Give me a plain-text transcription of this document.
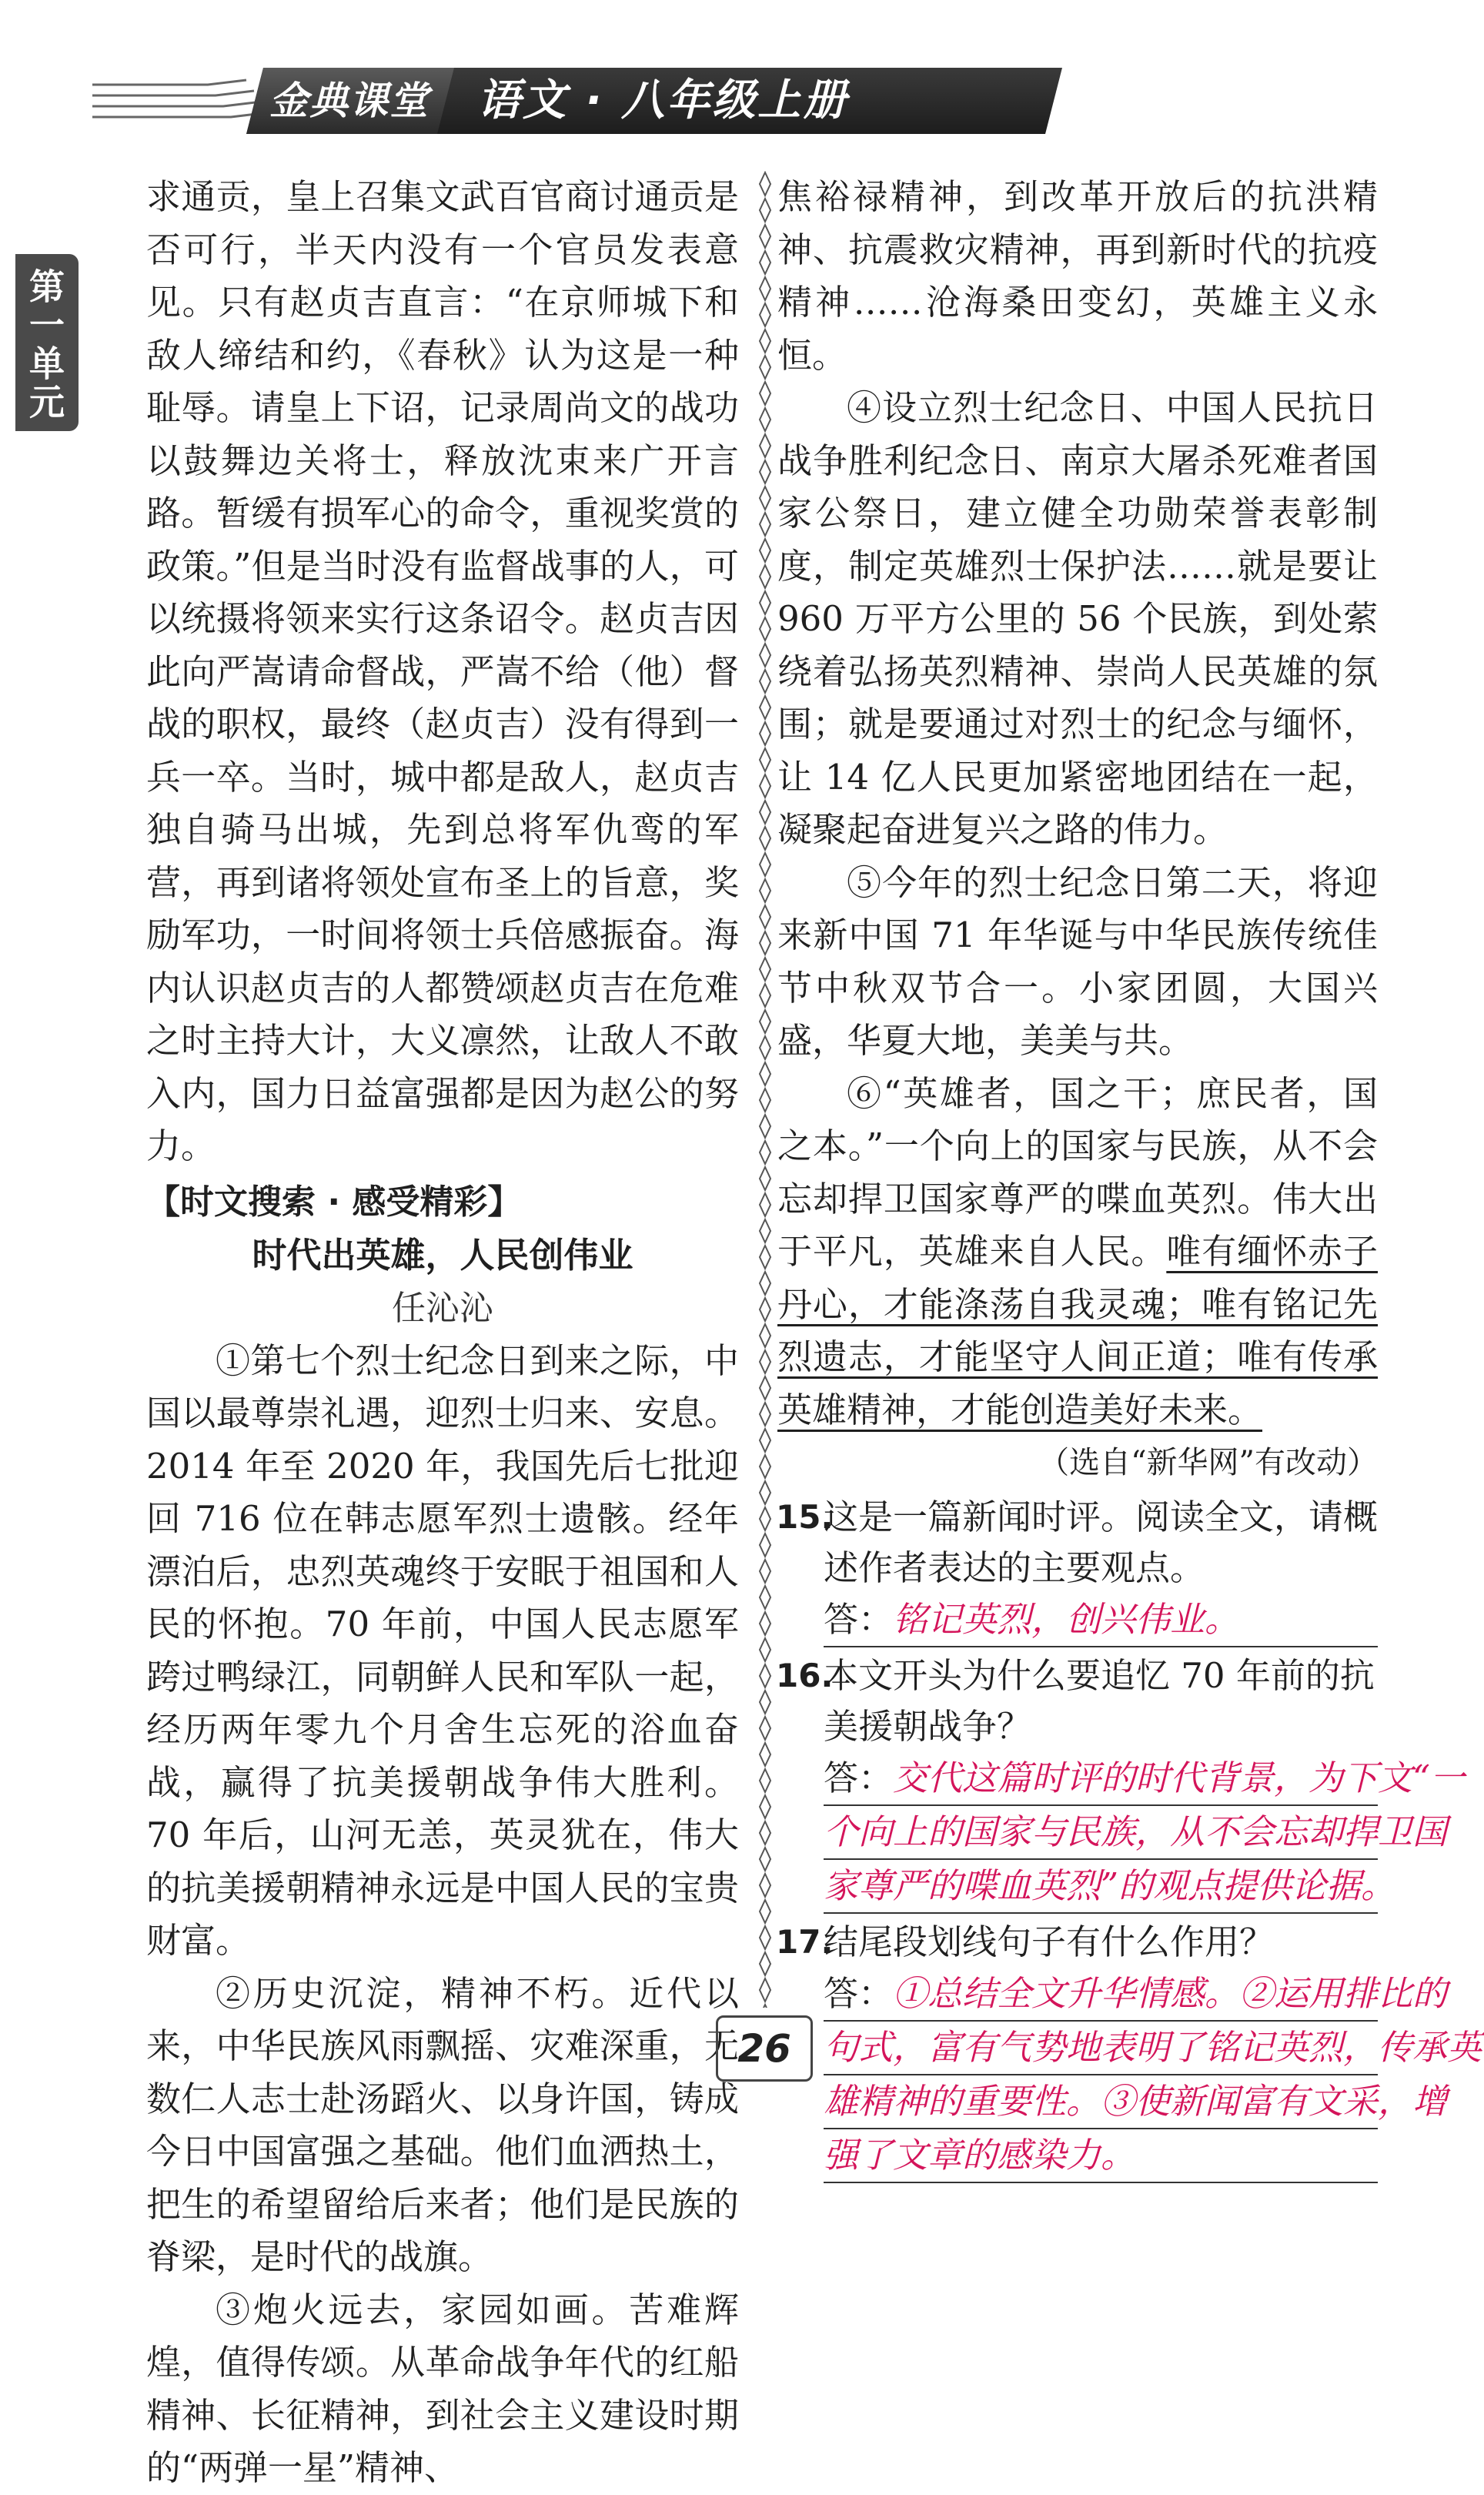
金典课堂 语文 · 八年级上册
第一单元

求通贡，皇上召集文武百官商讨通贡是否可行，半天内没有一个官员发表意见。只有赵贞吉直言：“在京师城下和敌人缔结和约，《春秋》认为这是一种耻辱。请皇上下诏，记录周尚文的战功以鼓舞边关将士，释放沈束来广开言路。暂缓有损军心的命令，重视奖赏的政策。”但是当时没有监督战事的人，可以统摄将领来实行这条诏令。赵贞吉因此向严嵩请命督战，严嵩不给（他）督战的职权，最终（赵贞吉）没有得到一兵一卒。当时，城中都是敌人，赵贞吉独自骑马出城，先到总将军仇鸾的军营，再到诸将领处宣布圣上的旨意，奖励军功，一时间将领士兵倍感振奋。海内认识赵贞吉的人都赞颂赵贞吉在危难之时主持大计，大义凛然，让敌人不敢入内，国力日益富强都是因为赵公的努力。

【时文搜索 · 感受精彩】
时代出英雄，人民创伟业
任沁沁

①第七个烈士纪念日到来之际，中国以最尊崇礼遇，迎烈士归来、安息。2014 年至 2020 年，我国先后七批迎回 716 位在韩志愿军烈士遗骸。经年漂泊后，忠烈英魂终于安眠于祖国和人民的怀抱。70 年前，中国人民志愿军跨过鸭绿江，同朝鲜人民和军队一起，经历两年零九个月舍生忘死的浴血奋战，赢得了抗美援朝战争伟大胜利。70 年后，山河无恙，英灵犹在，伟大的抗美援朝精神永远是中国人民的宝贵财富。

②历史沉淀，精神不朽。近代以来，中华民族风雨飘摇、灾难深重，无数仁人志士赴汤蹈火、以身许国，铸成今日中国富强之基础。他们血洒热土，把生的希望留给后来者；他们是民族的脊梁，是时代的战旗。

③炮火远去，家园如画。苦难辉煌，值得传颂。从革命战争年代的红船精神、长征精神，到社会主义建设时期的“两弹一星”精神、

焦裕禄精神，到改革开放后的抗洪精神、抗震救灾精神，再到新时代的抗疫精神……沧海桑田变幻，英雄主义永恒。

④设立烈士纪念日、中国人民抗日战争胜利纪念日、南京大屠杀死难者国家公祭日，建立健全功勋荣誉表彰制度，制定英雄烈士保护法……就是要让 960 万平方公里的 56 个民族，到处萦绕着弘扬英烈精神、崇尚人民英雄的氛围；就是要通过对烈士的纪念与缅怀，让 14 亿人民更加紧密地团结在一起，凝聚起奋进复兴之路的伟力。

⑤今年的烈士纪念日第二天，将迎来新中国 71 年华诞与中华民族传统佳节中秋双节合一。小家团圆，大国兴盛，华夏大地，美美与共。

⑥“英雄者，国之干；庶民者，国之本。”一个向上的国家与民族，从不会忘却捍卫国家尊严的喋血英烈。伟大出于平凡，英雄来自人民。唯有缅怀赤子丹心，才能涤荡自我灵魂；唯有铭记先烈遗志，才能坚守人间正道；唯有传承英雄精神，才能创造美好未来。

（选自“新华网”有改动）
15.
这是一篇新闻时评。阅读全文，请概述作者表达的主要观点。
答：铭记英烈，创兴伟业。
16.
本文开头为什么要追忆 70 年前的抗美援朝战争？
答：交代这篇时评的时代背景，为下文“一
个向上的国家与民族，从不会忘却捍卫国
家尊严的喋血英烈”的观点提供论据。
17.
结尾段划线句子有什么作用？
答：①总结全文升华情感。②运用排比的
句式，富有气势地表明了铭记英烈，传承英
雄精神的重要性。③使新闻富有文采，增
强了文章的感染力。
26
